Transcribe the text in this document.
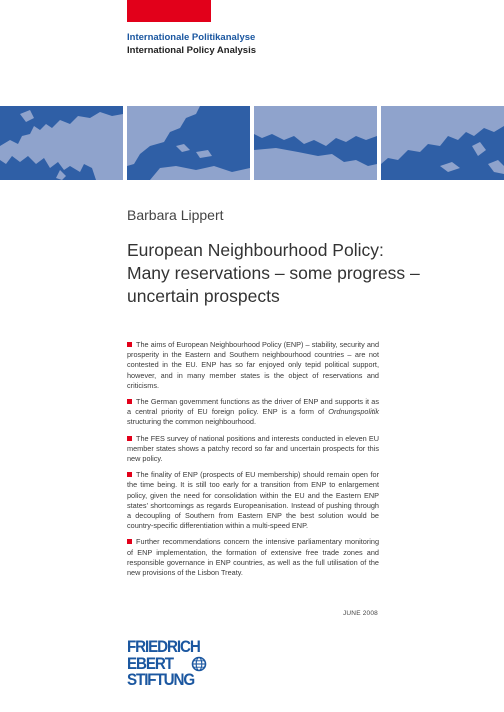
Internationale Politikanalyse
International Policy Analysis
Barbara Lippert
European Neighbourhood Policy:
Many reservations – some progress –
uncertain prospects

The aims of European Neighbourhood Policy (ENP) – stability, security and prosperity in the Eastern and Southern neighbourhood countries – are not contested in the EU. ENP has so far enjoyed only tepid political support, however, and in many member states is the object of reservations and criticisms.

The German government functions as the driver of ENP and supports it as a central priority of EU foreign policy. ENP is a form of Ordnungspolitik structuring the common neighbourhood.

The FES survey of national positions and interests conducted in eleven EU member states shows a patchy record so far and uncertain prospects for this new policy.

The finality of ENP (prospects of EU membership) should remain open for the time being. It is still too early for a transition from ENP to enlargement policy, given the need for consolidation within the EU and the Eastern ENP states’ shortcomings as regards Europeanisation. Instead of pushing through a decoupling of Southern from Eastern ENP the best solution would be country-specific differentiation within a multi-speed ENP.

Further recommendations concern the intensive parliamentary monitoring of ENP implementation, the formation of extensive free trade zones and responsible governance in ENP countries, as well as the full utilisation of the new provisions of the Lisbon Treaty.

JUNE 2008
FRIEDRICH
EBERT
STIFTUNG
